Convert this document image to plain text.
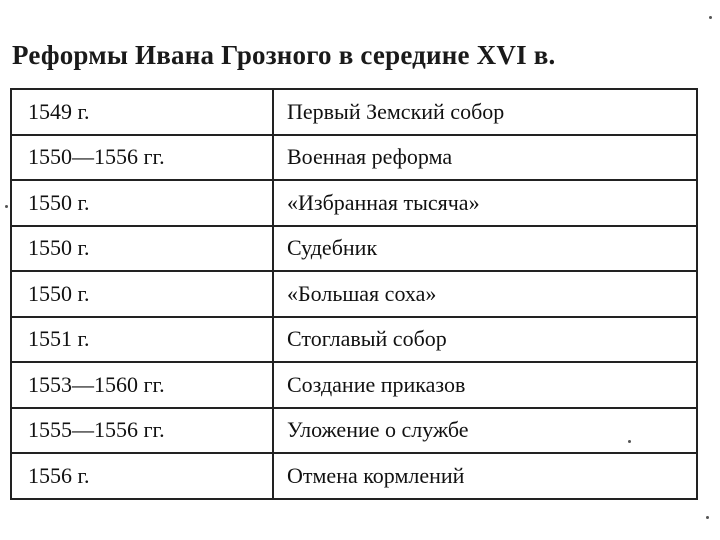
Реформы Ивана Грозного в середине XVI в.
1549 г.	Первый Земский собор
1550—1556 гг.	Военная реформа
1550 г.	«Избранная тысяча»
1550 г.	Судебник
1550 г.	«Большая соха»
1551 г.	Стоглавый собор
1553—1560 гг.	Создание приказов
1555—1556 гг.	Уложение о службе
1556 г.	Отмена кормлений
